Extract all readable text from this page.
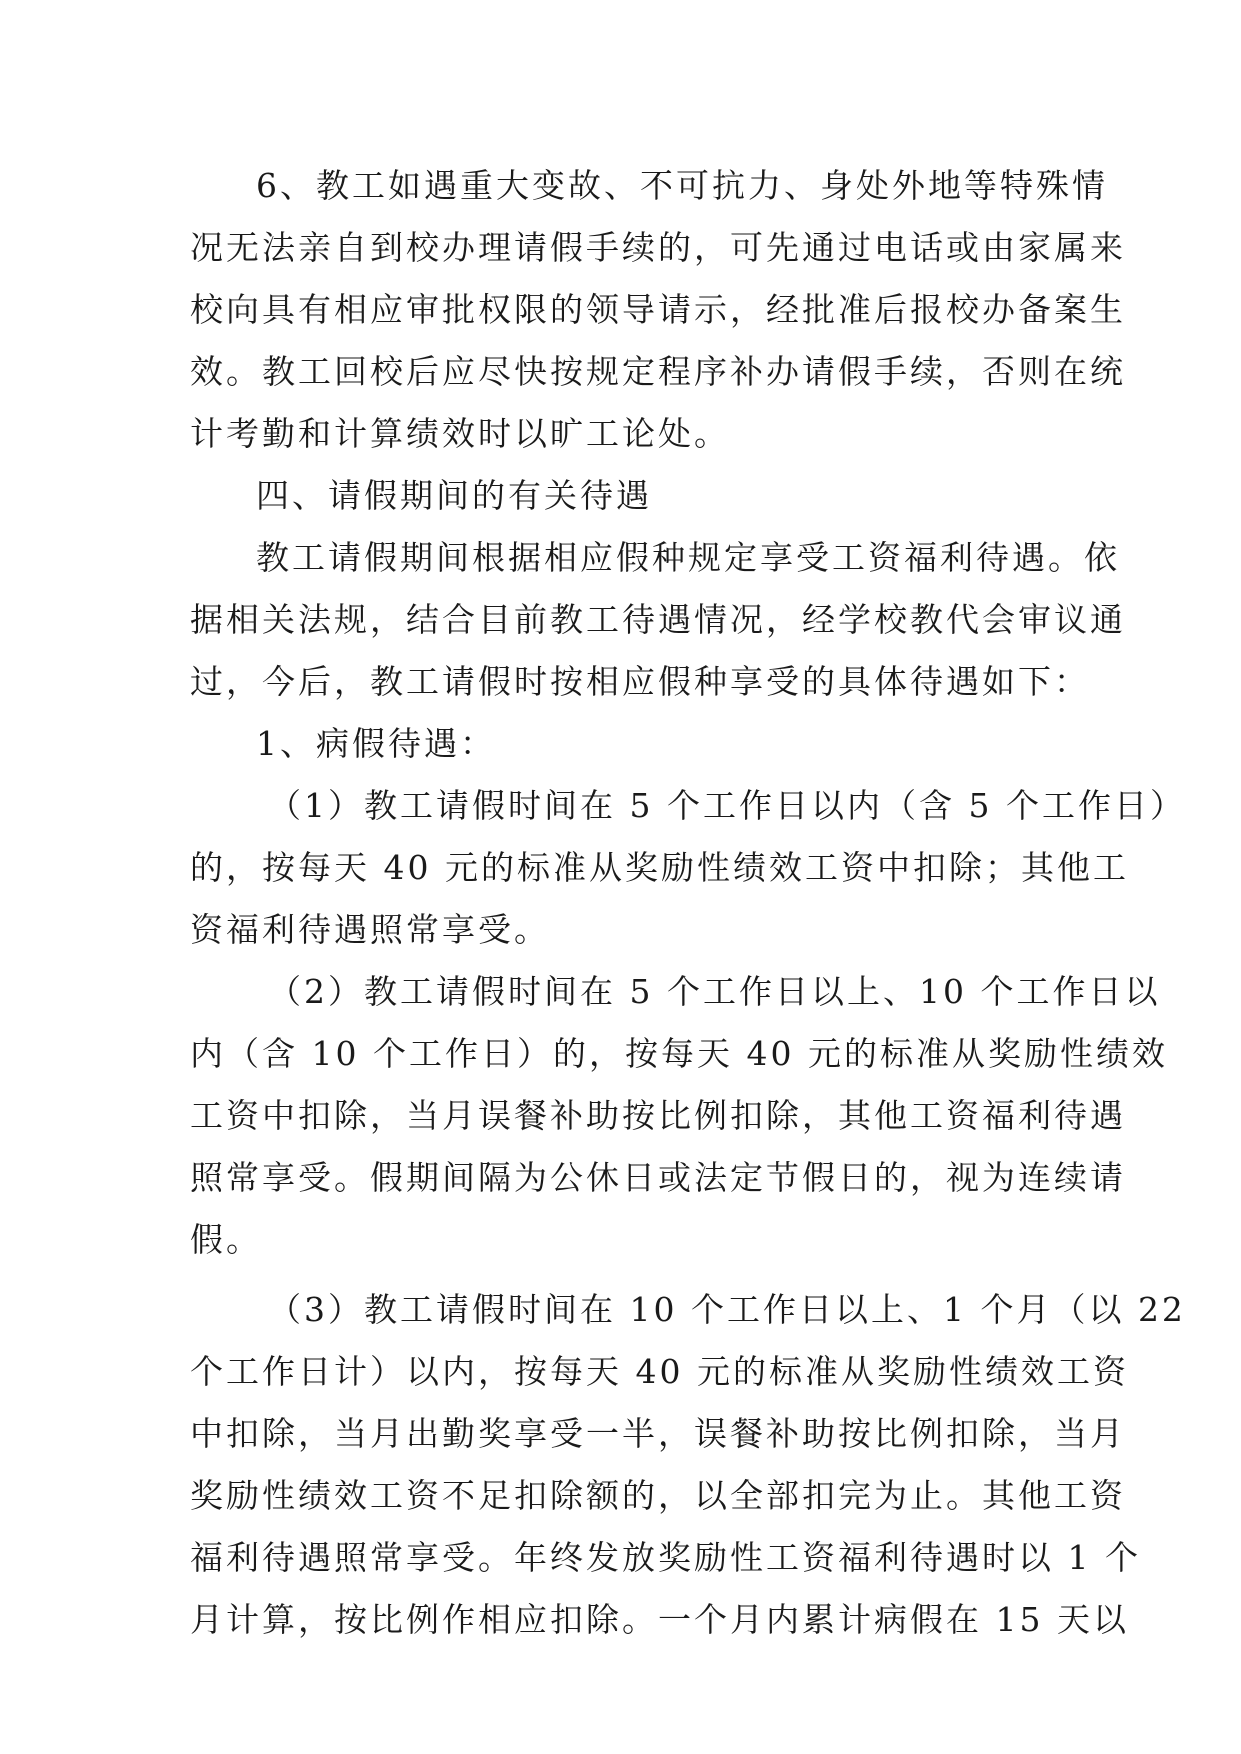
6、教工如遇重大变故、不可抗力、身处外地等特殊情
况无法亲自到校办理请假手续的，可先通过电话或由家属来
校向具有相应审批权限的领导请示，经批准后报校办备案生
效。教工回校后应尽快按规定程序补办请假手续，否则在统
计考勤和计算绩效时以旷工论处。
四、请假期间的有关待遇
教工请假期间根据相应假种规定享受工资福利待遇。依
据相关法规，结合目前教工待遇情况，经学校教代会审议通
过，今后，教工请假时按相应假种享受的具体待遇如下：
1、病假待遇：
（1）教工请假时间在 5 个工作日以内（含 5 个工作日）
的，按每天 40 元的标准从奖励性绩效工资中扣除；其他工
资福利待遇照常享受。
（2）教工请假时间在 5 个工作日以上、10 个工作日以
内（含 10 个工作日）的，按每天 40 元的标准从奖励性绩效
工资中扣除，当月误餐补助按比例扣除，其他工资福利待遇
照常享受。假期间隔为公休日或法定节假日的，视为连续请
假。
（3）教工请假时间在 10 个工作日以上、1 个月（以 22
个工作日计）以内，按每天 40 元的标准从奖励性绩效工资
中扣除，当月出勤奖享受一半，误餐补助按比例扣除，当月
奖励性绩效工资不足扣除额的，以全部扣完为止。其他工资
福利待遇照常享受。年终发放奖励性工资福利待遇时以 1 个
月计算，按比例作相应扣除。一个月内累计病假在 15 天以
